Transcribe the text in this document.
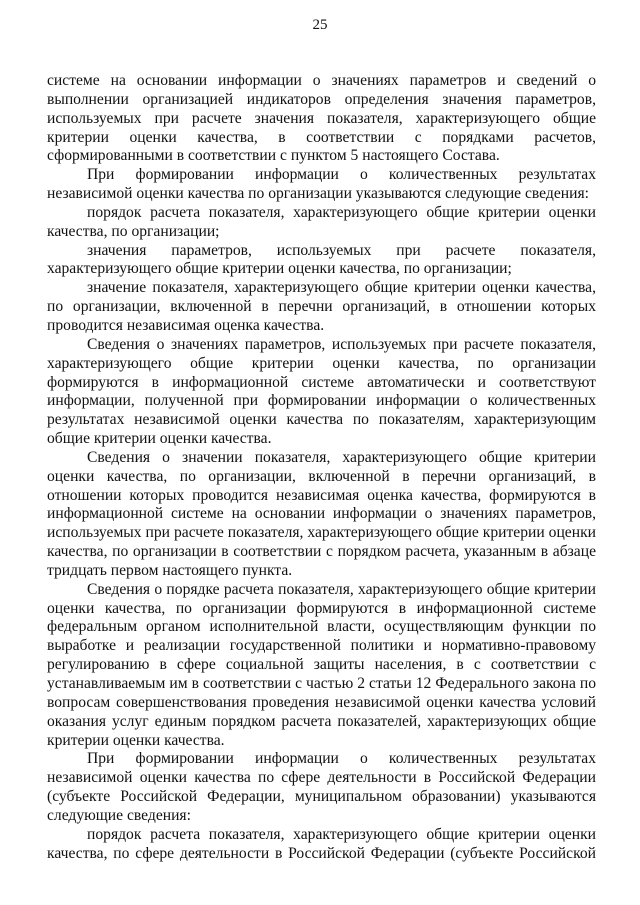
25

системе на основании информации о значениях параметров и сведений о выполнении организацией индикаторов определения значения параметров, используемых при расчете значения показателя, характеризующего общие критерии оценки качества, в соответствии с порядками расчетов, сформированными в соответствии с пунктом 5 настоящего Состава.

При формировании информации о количественных результатах независимой оценки качества по организации указываются следующие сведения:

порядок расчета показателя, характеризующего общие критерии оценки качества, по организации;

значения параметров, используемых при расчете показателя, характеризующего общие критерии оценки качества, по организации;

значение показателя, характеризующего общие критерии оценки качества, по организации, включенной в перечни организаций, в отношении которых проводится независимая оценка качества.

Сведения о значениях параметров, используемых при расчете показателя, характеризующего общие критерии оценки качества, по организации формируются в информационной системе автоматически и соответствуют информации, полученной при формировании информации о количественных результатах независимой оценки качества по показателям, характеризующим общие критерии оценки качества.

Сведения о значении показателя, характеризующего общие критерии оценки качества, по организации, включенной в перечни организаций, в отношении которых проводится независимая оценка качества, формируются в информационной системе на основании информации о значениях параметров, используемых при расчете показателя, характеризующего общие критерии оценки качества, по организации в соответствии с порядком расчета, указанным в абзаце тридцать первом настоящего пункта.

Сведения о порядке расчета показателя, характеризующего общие критерии оценки качества, по организации формируются в информационной системе федеральным органом исполнительной власти, осуществляющим функции по выработке и реализации государственной политики и нормативно-правовому регулированию в сфере социальной защиты населения, в с соответствии с устанавливаемым им в соответствии с частью 2 статьи 12 Федерального закона по вопросам совершенствования проведения независимой оценки качества условий оказания услуг единым порядком расчета показателей, характеризующих общие критерии оценки качества.

При формировании информации о количественных результатах независимой оценки качества по сфере деятельности в Российской Федерации (субъекте Российской Федерации, муниципальном образовании) указываются следующие сведения:

порядок расчета показателя, характеризующего общие критерии оценки качества, по сфере деятельности в Российской Федерации (субъекте Российской
